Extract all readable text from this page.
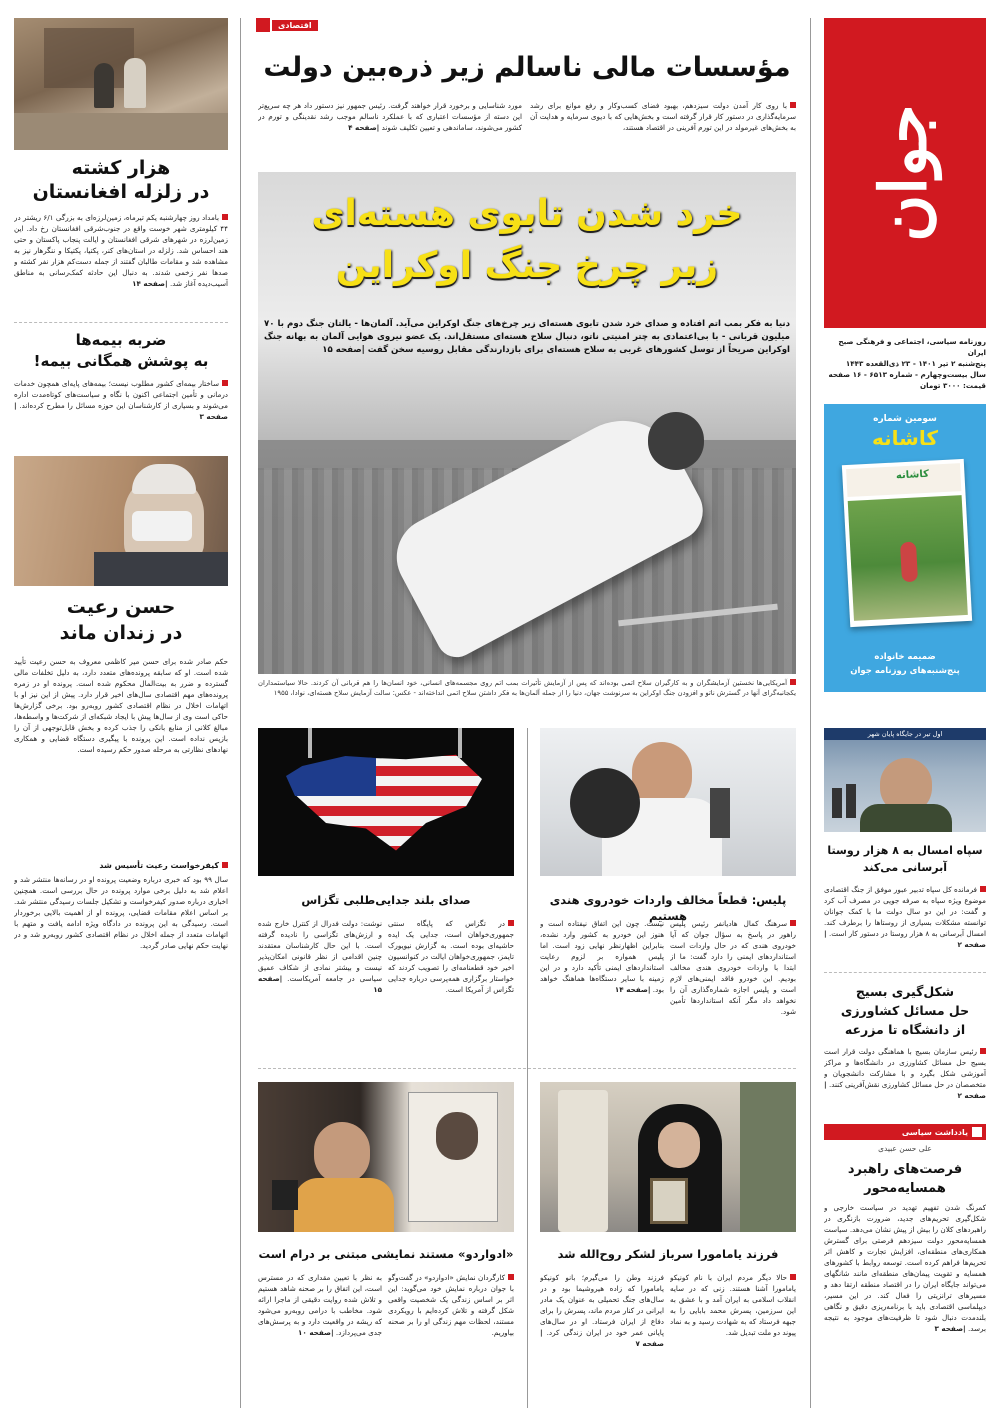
هزار کشته
در زلزله افغانستان
بامداد روز چهارشنبه یکم تیرماه، زمین‌لرزه‌ای به بزرگی ۶/۱ ریشتر در ۴۴ کیلومتری شهر خوست واقع در جنوب‌شرقی افغانستان رخ داد. این زمین‌لرزه در شهرهای شرقی افغانستان و ایالت پنجاب پاکستان و حتی هند احساس شد. زلزله در استان‌های کنر، پکتیا، پکتیکا و ننگرهار نیز به مشاهده شد و مقامات طالبان گفتند از جمله دست‌کم هزار نفر کشته و صدها نفر زخمی شدند. به دنبال این حادثه کمک‌رسانی به مناطق آسیب‌دیده آغاز شد. |صفحه ۱۴
ضربه بیمه‌ها
به پوشش همگانی بیمه!
ساختار بیمه‌ای کشور مطلوب نیست؛ بیمه‌های پایه‌ای همچون خدمات درمانی و تأمین اجتماعی اکنون با نگاه و سیاست‌های کوتاه‌مدت اداره می‌شوند و بسیاری از کارشناسان این حوزه مسائل را مطرح کرده‌اند. |صفحه ۳
حسن رعیت
در زندان ماند
حکم صادر شده برای حسن میر کاظمی معروف به حسن رعیت تأیید شده است. او که سابقه پرونده‌های متعدد دارد، به دلیل تخلفات مالی گسترده و ضرر به بیت‌المال محکوم شده است. پرونده او در زمره پرونده‌های مهم اقتصادی سال‌های اخیر قرار دارد. پیش از این نیز او با اتهامات اخلال در نظام اقتصادی کشور روبه‌رو بود. برخی گزارش‌ها حاکی است وی از سال‌ها پیش با ایجاد شبکه‌ای از شرکت‌ها و واسطه‌ها، مبالغ کلانی از منابع بانکی را جذب کرده و بخش قابل‌توجهی از آن را بازپس نداده است. این پرونده با پیگیری دستگاه قضایی و همکاری نهادهای نظارتی به مرحله صدور حکم رسیده است.
کیفرخواست رعیت تأسیس شد
سال ۹۹ بود که خبری درباره وضعیت پرونده او در رسانه‌ها منتشر شد و اعلام شد به دلیل برخی موارد پرونده در حال بررسی است. همچنین اخباری درباره صدور کیفرخواست و تشکیل جلسات رسیدگی منتشر شد. بر اساس اعلام مقامات قضایی، پرونده او از اهمیت بالایی برخوردار است. رسیدگی به این پرونده در دادگاه ویژه ادامه یافت و متهم با اتهامات متعدد از جمله اخلال در نظام اقتصادی کشور روبه‌رو شد و در نهایت حکم نهایی صادر گردید.
اقتصادی
مؤسسات مالی ناسالم زیر ذره‌بین دولت
با روی کار آمدن دولت سیزدهم، بهبود فضای کسب‌وکار و رفع موانع برای رشد سرمایه‌گذاری در دستور کار قرار گرفته است و بخش‌هایی که با دیوی سرمایه و هدایت آن به بخش‌های غیرمولد در این تورم آفرینی در اقتصاد هستند،
مورد شناسایی و برخورد قرار خواهند گرفت. رئیس جمهور نیز دستور داد هر چه سریع‌تر این دسته از مؤسسات اعتباری که با عملکرد ناسالم موجب رشد نقدینگی و تورم در کشور می‌شوند، ساماندهی و تعیین تکلیف شوند |صفحه ۴
خرد شدن تابوی هسته‌ای
زیر چرخ جنگ اوکراین
دنیا به فکر بمب اتم افتاده و صدای خرد شدن تابوی هسته‌ای زیر چرخ‌های جنگ اوکراین می‌آید. آلمان‌ها - یالتان جنگ دوم با ۷۰ میلیون قربانی - با بی‌اعتمادی به چتر امنیتی ناتو، دنبال سلاح هسته‌ای مستقل‌اند. یک عضو نیروی هوایی آلمان به بهانه جنگ اوکراین صریحاً از توسل کشورهای غربی به سلاح هسته‌ای برای بازدارندگی مقابل روسیه سخن گفت |صفحه ۱۵
آمریکایی‌ها نخستین آزمایشگران و به کارگیران سلاح اتمی بوده‌اند که پس از آزمایش تأثیرات بمب اتم روی مجسمه‌های انسانی، خود انسان‌ها را هم قربانی آن کردند. حالا سیاستمداران یکجانبه‌گرای آنها در گسترش ناتو و افزودن جنگ اوکراین به سرنوشت جهان، دنیا را از جمله آلمان‌ها به فکر داشتن سلاح اتمی انداخته‌اند - عکس: سالت آزمایش سلاح هسته‌ای، نوادا، ۱۹۵۵
پلیس: قطعاً مخالف واردات خودروی هندی هستیم
صدای بلند جدایی‌طلبی تگزاس
سرهنگ کمال هادیانفر رئیس پلیس راهور در پاسخ به سؤال جوان که آیا خودروی هندی که در حال واردات است استانداردهای ایمنی را دارد گفت: ما از ابتدا با واردات خودروی هندی مخالف بودیم. این خودرو فاقد ایمنی‌های لازم است و پلیس اجازه شماره‌گذاری آن را نخواهد داد مگر آنکه استانداردها تأمین شود.
نیست. چون این اتفاق نیفتاده است و هنوز این خودرو به کشور وارد نشده، بنابراین اظهارنظر نهایی زود است. اما پلیس همواره بر لزوم رعایت استانداردهای ایمنی تأکید دارد و در این زمینه با سایر دستگاه‌ها هماهنگ خواهد بود. |صفحه ۱۴
در تگزاس که پایگاه سنتی جمهوری‌خواهان است، جدایی یک ایده حاشیه‌ای بوده است. به گزارش نیویورک تایمز، جمهوری‌خواهان ایالت در کنوانسیون اخیر خود قطعنامه‌ای را تصویب کردند که خواستار برگزاری همه‌پرسی درباره جدایی تگزاس از آمریکا است.
نوشت: دولت فدرال از کنترل خارج شده و ارزش‌های تگزاسی را نادیده گرفته است. با این حال کارشناسان معتقدند چنین اقدامی از نظر قانونی امکان‌پذیر نیست و بیشتر نمادی از شکاف عمیق سیاسی در جامعه آمریکاست. |صفحه ۱۵
فرزند یامامورا سرباز لشکر روح‌الله شد
«ادواردو» مستند نمایشی مبتنی بر درام است
حالا دیگر مردم ایران با نام کونیکو یامامورا آشنا هستند. زنی که در سایه انقلاب اسلامی به ایران آمد و با عشق به این سرزمین، پسرش محمد بابایی را به جبهه فرستاد که به شهادت رسید و به نماد پیوند دو ملت تبدیل شد.
فرزند وطن را می‌گیرم؛ بانو کونیکو یامامورا که زاده هیروشیما بود و در سال‌های جنگ تحمیلی به عنوان یک مادر ایرانی در کنار مردم ماند، پسرش را برای دفاع از ایران فرستاد. او در سال‌های پایانی عمر خود در ایران زندگی کرد. |صفحه ۷
کارگردان نمایش «ادواردو» در گفت‌وگو با جوان درباره نمایش خود می‌گوید: این اثر بر اساس زندگی یک شخصیت واقعی شکل گرفته و تلاش کرده‌ایم با رویکردی مستند، لحظات مهم زندگی او را بر صحنه بیاوریم.
به نظر با تعیین مقداری که در مسترس است، این اتفاق را بر صحنه شاهد هستیم و تلاش شده روایت دقیقی از ماجرا ارائه شود. مخاطب با درامی روبه‌رو می‌شود که ریشه در واقعیت دارد و به پرسش‌های جدی می‌پردازد. |صفحه ۱۰
جوان
روزنامه سیاسی، اجتماعی و فرهنگی صبح ایران
پنج‌شنبه ۲ تیر ۱۴۰۱ - ۲۳ ذی‌القعده ۱۴۴۳
سال بیست‌وچهارم - شماره ۶۵۱۳ - ۱۶ صفحه
قیمت: ۳۰۰۰ تومان
سومین شماره
کاشانه
کاشانه
ضمیمه خانواده
پنج‌شنبه‌های روزنامه جوان
اول تیر در جایگاه پایان شهر
سپاه امسال به ۸ هزار روستا
آبرسانی می‌کند
فرمانده کل سپاه تدبیر عبور موفق از جنگ اقتصادی موضوع ویژه سپاه به صرفه جویی در مصرف آب کرد و گفت: در این دو سال دولت ما با کمک جوانان توانسته مشکلات بسیاری از روستاها را برطرف کند. امسال آبرسانی به ۸ هزار روستا در دستور کار است. |صفحه ۲
شکل‌گیری بسیج
حل مسائل کشاورزی
از دانشگاه تا مزرعه
رئیس سازمان بسیج با هماهنگی دولت قرار است بسیج حل مسائل کشاورزی در دانشگاه‌ها و مراکز آموزشی شکل بگیرد و با مشارکت دانشجویان و متخصصان در حل مسائل کشاورزی نقش‌آفرینی کنند. |صفحه ۲
یادداشت سیاسی
علی حسن عبیدی
فرصت‌های راهبرد
همسایه‌محور
کمرنگ شدن تفهیم تهدید در سیاست خارجی و شکل‌گیری تحریم‌های جدید، ضرورت بازنگری در راهبردهای کلان را بیش از پیش نشان می‌دهد. سیاست همسایه‌محور دولت سیزدهم فرصتی برای گسترش همکاری‌های منطقه‌ای، افزایش تجارت و کاهش اثر تحریم‌ها فراهم کرده است. توسعه روابط با کشورهای همسایه و تقویت پیمان‌های منطقه‌ای مانند شانگهای می‌تواند جایگاه ایران را در اقتصاد منطقه ارتقا دهد و مسیرهای ترانزیتی را فعال کند. در این مسیر، دیپلماسی اقتصادی باید با برنامه‌ریزی دقیق و نگاهی بلندمدت دنبال شود تا ظرفیت‌های موجود به نتیجه برسد. |صفحه ۳
